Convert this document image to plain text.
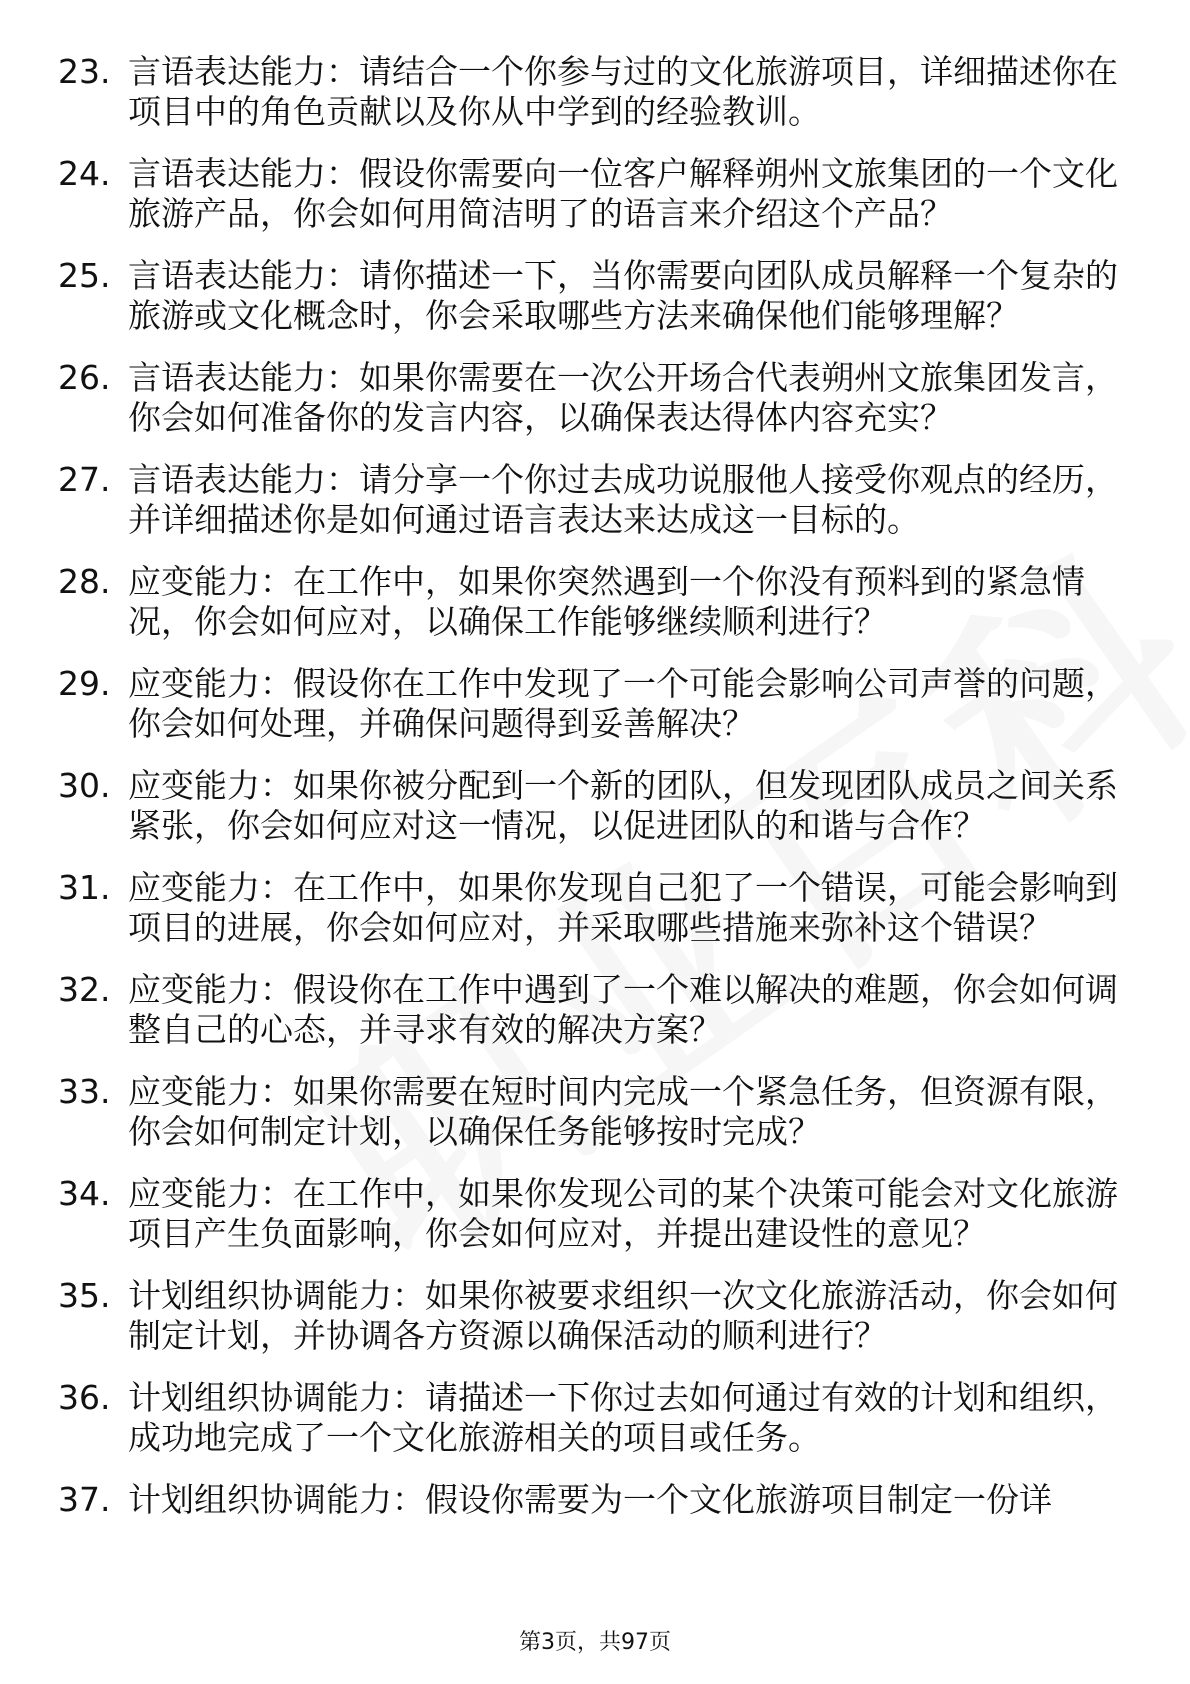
23. 言语表达能力：请结合一个你参与过的文化旅游项目，详细描述你在项目中的角色贡献以及你从中学到的经验教训。
24. 言语表达能力：假设你需要向一位客户解释朔州文旅集团的一个文化旅游产品，你会如何用简洁明了的语言来介绍这个产品？
25. 言语表达能力：请你描述一下，当你需要向团队成员解释一个复杂的旅游或文化概念时，你会采取哪些方法来确保他们能够理解？
26. 言语表达能力：如果你需要在一次公开场合代表朔州文旅集团发言，你会如何准备你的发言内容，以确保表达得体内容充实？
27. 言语表达能力：请分享一个你过去成功说服他人接受你观点的经历，并详细描述你是如何通过语言表达来达成这一目标的。
28. 应变能力：在工作中，如果你突然遇到一个你没有预料到的紧急情况，你会如何应对，以确保工作能够继续顺利进行？
29. 应变能力：假设你在工作中发现了一个可能会影响公司声誉的问题，你会如何处理，并确保问题得到妥善解决？
30. 应变能力：如果你被分配到一个新的团队，但发现团队成员之间关系紧张，你会如何应对这一情况，以促进团队的和谐与合作？
31. 应变能力：在工作中，如果你发现自己犯了一个错误，可能会影响到项目的进展，你会如何应对，并采取哪些措施来弥补这个错误？
32. 应变能力：假设你在工作中遇到了一个难以解决的难题，你会如何调整自己的心态，并寻求有效的解决方案？
33. 应变能力：如果你需要在短时间内完成一个紧急任务，但资源有限，你会如何制定计划，以确保任务能够按时完成？
34. 应变能力：在工作中，如果你发现公司的某个决策可能会对文化旅游项目产生负面影响，你会如何应对，并提出建设性的意见？
35. 计划组织协调能力：如果你被要求组织一次文化旅游活动，你会如何制定计划，并协调各方资源以确保活动的顺利进行？
36. 计划组织协调能力：请描述一下你过去如何通过有效的计划和组织，成功地完成了一个文化旅游相关的项目或任务。
37. 计划组织协调能力：假设你需要为一个文化旅游项目制定一份详
第3页，共97页
